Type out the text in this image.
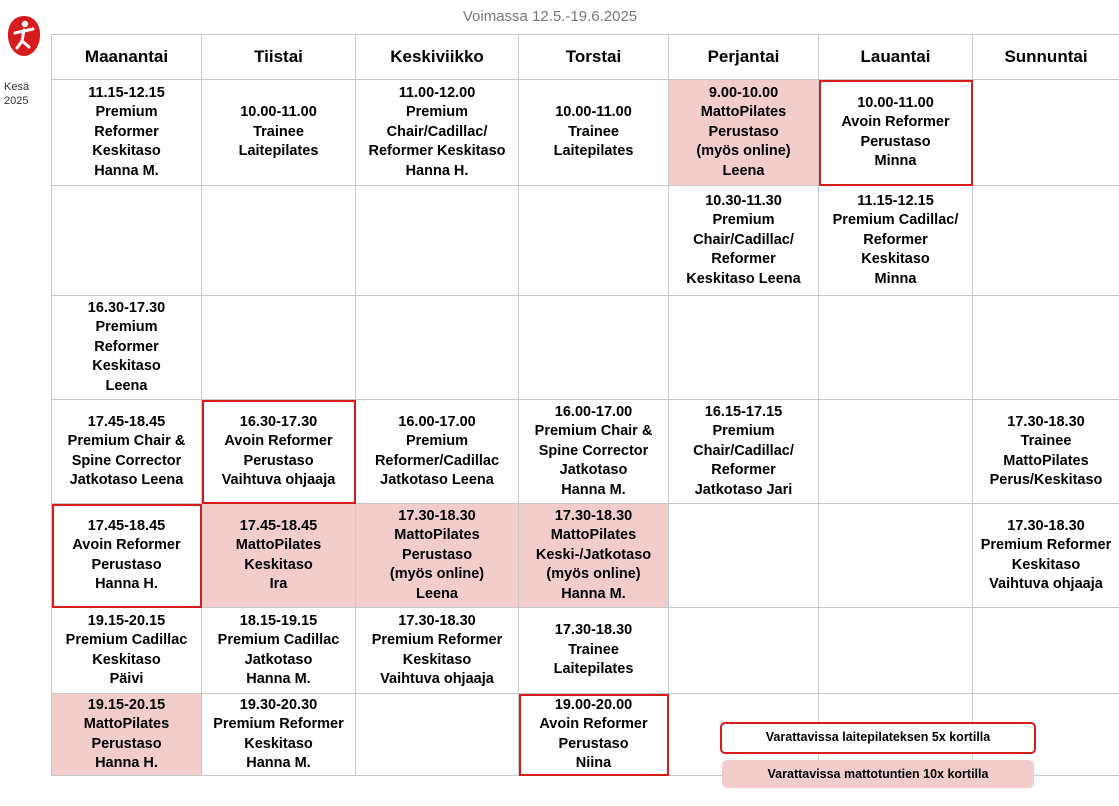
Kesä
2025
Voimassa 12.5.-19.6.2025
Maanantai	Tiistai	Keskiviikko	Torstai	Perjantai	Lauantai	Sunnuntai

11.15-12.15
Premium
Reformer
Keskitaso
Hanna M.	10.00-11.00
Trainee
Laitepilates	11.00-12.00
Premium
Chair/Cadillac/
Reformer Keskitaso
Hanna H.	10.00-11.00
Trainee
Laitepilates	9.00-10.00
MattoPilates
Perustaso
(myös online)
Leena	10.00-11.00
Avoin Reformer
Perustaso
Minna	

				10.30-11.30
Premium
Chair/Cadillac/
Reformer
Keskitaso Leena	11.15-12.15
Premium Cadillac/
Reformer
Keskitaso
Minna	

16.30-17.30
Premium
Reformer
Keskitaso
Leena						

17.45-18.45
Premium Chair &
Spine Corrector
Jatkotaso Leena	16.30-17.30
Avoin Reformer
Perustaso
Vaihtuva ohjaaja	16.00-17.00
Premium
Reformer/Cadillac
Jatkotaso Leena	16.00-17.00
Premium Chair &
Spine Corrector
Jatkotaso
Hanna M.	16.15-17.15
Premium
Chair/Cadillac/
Reformer
Jatkotaso Jari		17.30-18.30
Trainee
MattoPilates
Perus/Keskitaso

17.45-18.45
Avoin Reformer
Perustaso
Hanna H.	17.45-18.45
MattoPilates
Keskitaso
Ira	17.30-18.30
MattoPilates
Perustaso
(myös online)
Leena	17.30-18.30
MattoPilates
Keski-/Jatkotaso
(myös online)
Hanna M.			17.30-18.30
Premium Reformer
Keskitaso
Vaihtuva ohjaaja

19.15-20.15
Premium Cadillac
Keskitaso
Päivi	18.15-19.15
Premium Cadillac
Jatkotaso
Hanna M.	17.30-18.30
Premium Reformer
Keskitaso
Vaihtuva ohjaaja	17.30-18.30
Trainee
Laitepilates			

19.15-20.15
MattoPilates
Perustaso
Hanna H.	19.30-20.30
Premium Reformer
Keskitaso
Hanna M.		19.00-20.00
Avoin Reformer
Perustaso
Niina			

Varattavissa laitepilateksen 5x kortilla
Varattavissa mattotuntien 10x kortilla
